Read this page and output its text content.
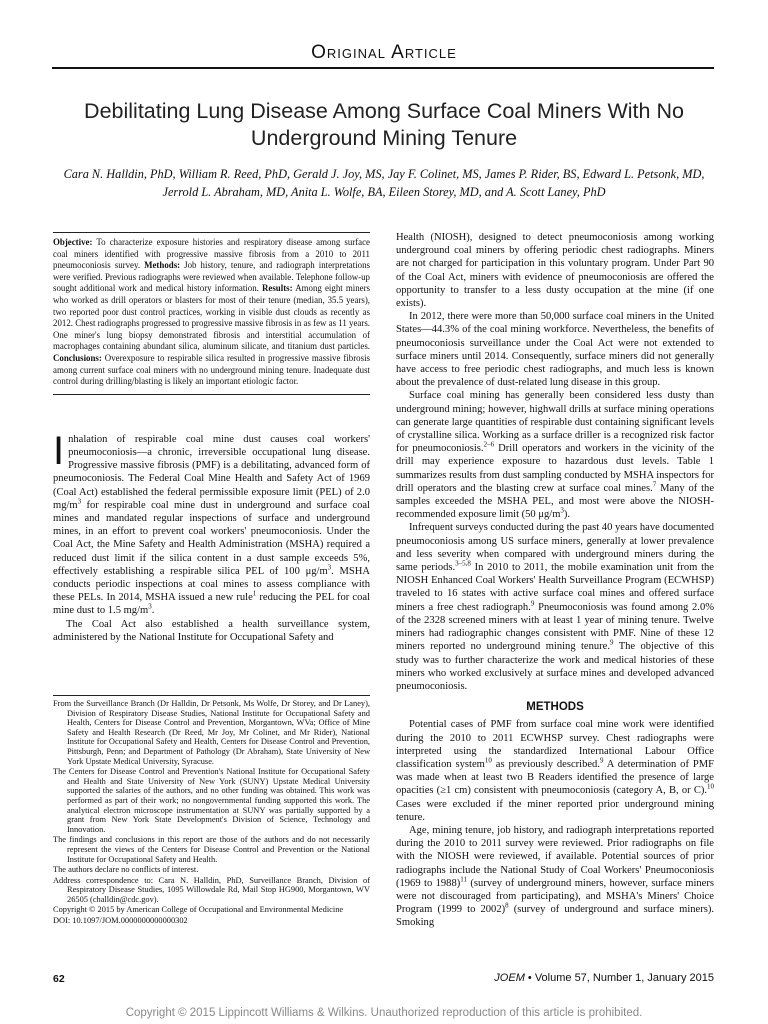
Original Article
Debilitating Lung Disease Among Surface Coal Miners With No Underground Mining Tenure
Cara N. Halldin, PhD, William R. Reed, PhD, Gerald J. Joy, MS, Jay F. Colinet, MS, James P. Rider, BS, Edward L. Petsonk, MD, Jerrold L. Abraham, MD, Anita L. Wolfe, BA, Eileen Storey, MD, and A. Scott Laney, PhD
Objective: To characterize exposure histories and respiratory disease among surface coal miners identified with progressive massive fibrosis from a 2010 to 2011 pneumoconiosis survey. Methods: Job history, tenure, and radiograph interpretations were verified. Previous radiographs were reviewed when available. Telephone follow-up sought additional work and medical history information. Results: Among eight miners who worked as drill operators or blasters for most of their tenure (median, 35.5 years), two reported poor dust control practices, working in visible dust clouds as recently as 2012. Chest radiographs progressed to progressive massive fibrosis in as few as 11 years. One miner's lung biopsy demonstrated fibrosis and interstitial accumulation of macrophages containing abundant silica, aluminum silicate, and titanium dust particles. Conclusions: Overexposure to respirable silica resulted in progressive massive fibrosis among current surface coal miners with no underground mining tenure. Inadequate dust control during drilling/blasting is likely an important etiologic factor.

Inhalation of respirable coal mine dust causes coal workers' pneumoconiosis—a chronic, irreversible occupational lung disease. Progressive massive fibrosis (PMF) is a debilitating, advanced form of pneumoconiosis. The Federal Coal Mine Health and Safety Act of 1969 (Coal Act) established the federal permissible exposure limit (PEL) of 2.0 $mg/m^3$ for respirable coal mine dust in underground and surface coal mines and mandated regular inspections of surface and underground mines, in an effort to prevent coal workers' pneumoconiosis. Under the Coal Act, the Mine Safety and Health Administration (MSHA) required a reduced dust limit if the silica content in a dust sample exceeds 5%, effectively establishing a respirable silica PEL of 100 $\mu g/m^3$. MSHA conducts periodic inspections at coal mines to assess compliance with these PELs. In 2014, MSHA issued a new rule$^1$ reducing the PEL for coal mine dust to 1.5 $mg/m^3$.

The Coal Act also established a health surveillance system, administered by the National Institute for Occupational Safety and

From the Surveillance Branch (Dr Halldin, Dr Petsonk, Ms Wolfe, Dr Storey, and Dr Laney), Division of Respiratory Disease Studies, National Institute for Occupational Safety and Health, Centers for Disease Control and Prevention, Morgantown, WVa; Office of Mine Safety and Health Research (Dr Reed, Mr Joy, Mr Colinet, and Mr Rider), National Institute for Occupational Safety and Health, Centers for Disease Control and Prevention, Pittsburgh, Penn; and Department of Pathology (Dr Abraham), State University of New York Upstate Medical University, Syracuse.

The Centers for Disease Control and Prevention's National Institute for Occupational Safety and Health and State University of New York (SUNY) Upstate Medical University supported the salaries of the authors, and no other funding was obtained. This work was performed as part of their work; no nongovernmental funding supported this work. The analytical electron microscope instrumentation at SUNY was partially supported by a grant from New York State Development's Division of Science, Technology and Innovation.

The findings and conclusions in this report are those of the authors and do not necessarily represent the views of the Centers for Disease Control and Prevention or the National Institute for Occupational Safety and Health.

The authors declare no conflicts of interest.

Address correspondence to: Cara N. Halldin, PhD, Surveillance Branch, Division of Respiratory Disease Studies, 1095 Willowdale Rd, Mail Stop HG900, Morgantown, WV 26505 (challdin@cdc.gov).

Copyright © 2015 by American College of Occupational and Environmental Medicine

DOI: 10.1097/JOM.0000000000000302

Health (NIOSH), designed to detect pneumoconiosis among working underground coal miners by offering periodic chest radiographs. Miners are not charged for participation in this voluntary program. Under Part 90 of the Coal Act, miners with evidence of pneumoconiosis are offered the opportunity to transfer to a less dusty occupation at the mine (if one exists).

In 2012, there were more than 50,000 surface coal miners in the United States—44.3% of the coal mining workforce. Nevertheless, the benefits of pneumoconiosis surveillance under the Coal Act were not extended to surface miners until 2014. Consequently, surface miners did not generally have access to free periodic chest radiographs, and much less is known about the prevalence of dust-related lung disease in this group.

Surface coal mining has generally been considered less dusty than underground mining; however, highwall drills at surface mining operations can generate large quantities of respirable dust containing significant levels of crystalline silica. Working as a surface driller is a recognized risk factor for pneumoconiosis.$^{2-6}$ Drill operators and workers in the vicinity of the drill may experience exposure to hazardous dust levels. Table 1 summarizes results from dust sampling conducted by MSHA inspectors for drill operators and the blasting crew at surface coal mines.$^7$ Many of the samples exceeded the MSHA PEL, and most were above the NIOSH-recommended exposure limit (50 $\mu g/m^3$).

Infrequent surveys conducted during the past 40 years have documented pneumoconiosis among US surface miners, generally at lower prevalence and less severity when compared with underground miners during the same periods.$^{3-5,8}$ In 2010 to 2011, the mobile examination unit from the NIOSH Enhanced Coal Workers' Health Surveillance Program (ECWHSP) traveled to 16 states with active surface coal mines and offered surface miners a free chest radiograph.$^9$ Pneumoconiosis was found among 2.0% of the 2328 screened miners with at least 1 year of mining tenure. Twelve miners had radiographic changes consistent with PMF. Nine of these 12 miners reported no underground mining tenure.$^9$ The objective of this study was to further characterize the work and medical histories of these miners who worked exclusively at surface mines and developed advanced pneumoconiosis.

METHODS

Potential cases of PMF from surface coal mine work were identified during the 2010 to 2011 ECWHSP survey. Chest radiographs were interpreted using the standardized International Labour Office classification system$^{10}$ as previously described.$^9$ A determination of PMF was made when at least two B Readers identified the presence of large opacities (≥1 cm) consistent with pneumoconiosis (category A, B, or C).$^{10}$ Cases were excluded if the miner reported prior underground mining tenure.

Age, mining tenure, job history, and radiograph interpretations reported during the 2010 to 2011 survey were reviewed. Prior radiographs on file with the NIOSH were reviewed, if available. Potential sources of prior radiographs include the National Study of Coal Workers' Pneumoconiosis (1969 to 1988)$^{11}$ (survey of underground miners, however, surface miners were not discouraged from participating), and MSHA's Miners' Choice Program (1999 to 2002)$^8$ (survey of underground and surface miners). Smoking

62	JOEM • Volume 57, Number 1, January 2015
Copyright © 2015 Lippincott Williams & Wilkins. Unauthorized reproduction of this article is prohibited.
